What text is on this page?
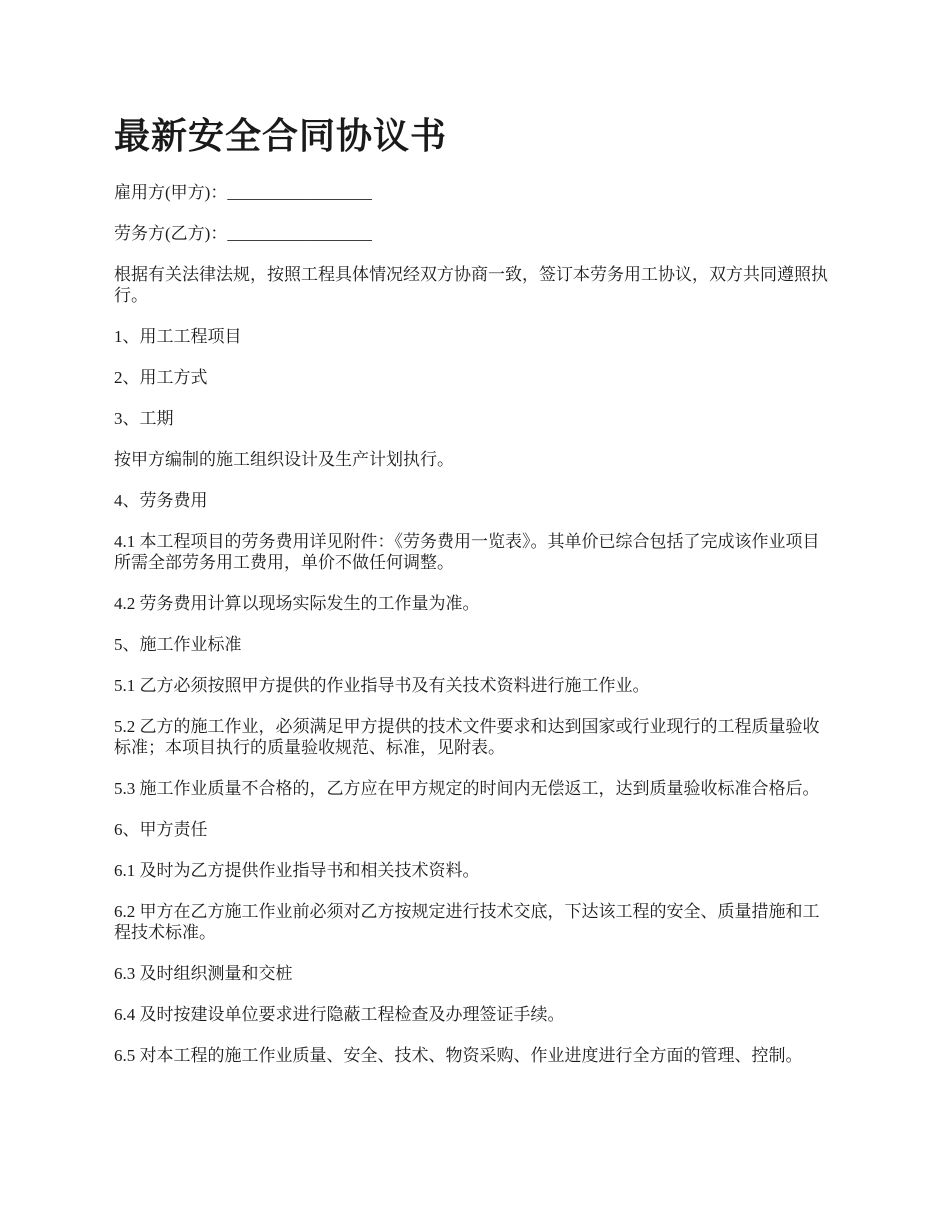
最新安全合同协议书

雇用方(甲方)：_________________

劳务方(乙方)：_________________

根据有关法律法规，按照工程具体情况经双方协商一致，签订本劳务用工协议，双方共同遵照执行。

1、用工工程项目

2、用工方式

3、工期

按甲方编制的施工组织设计及生产计划执行。

4、劳务费用

4.1 本工程项目的劳务费用详见附件：《劳务费用一览表》。其单价已综合包括了完成该作业项目所需全部劳务用工费用，单价不做任何调整。

4.2 劳务费用计算以现场实际发生的工作量为准。

5、施工作业标准

5.1 乙方必须按照甲方提供的作业指导书及有关技术资料进行施工作业。

5.2 乙方的施工作业，必须满足甲方提供的技术文件要求和达到国家或行业现行的工程质量验收标准；本项目执行的质量验收规范、标准，见附表。

5.3 施工作业质量不合格的，乙方应在甲方规定的时间内无偿返工，达到质量验收标准合格后。

6、甲方责任

6.1 及时为乙方提供作业指导书和相关技术资料。

6.2 甲方在乙方施工作业前必须对乙方按规定进行技术交底，下达该工程的安全、质量措施和工程技术标准。

6.3 及时组织测量和交桩

6.4 及时按建设单位要求进行隐蔽工程检查及办理签证手续。

6.5 对本工程的施工作业质量、安全、技术、物资采购、作业进度进行全方面的管理、控制。
